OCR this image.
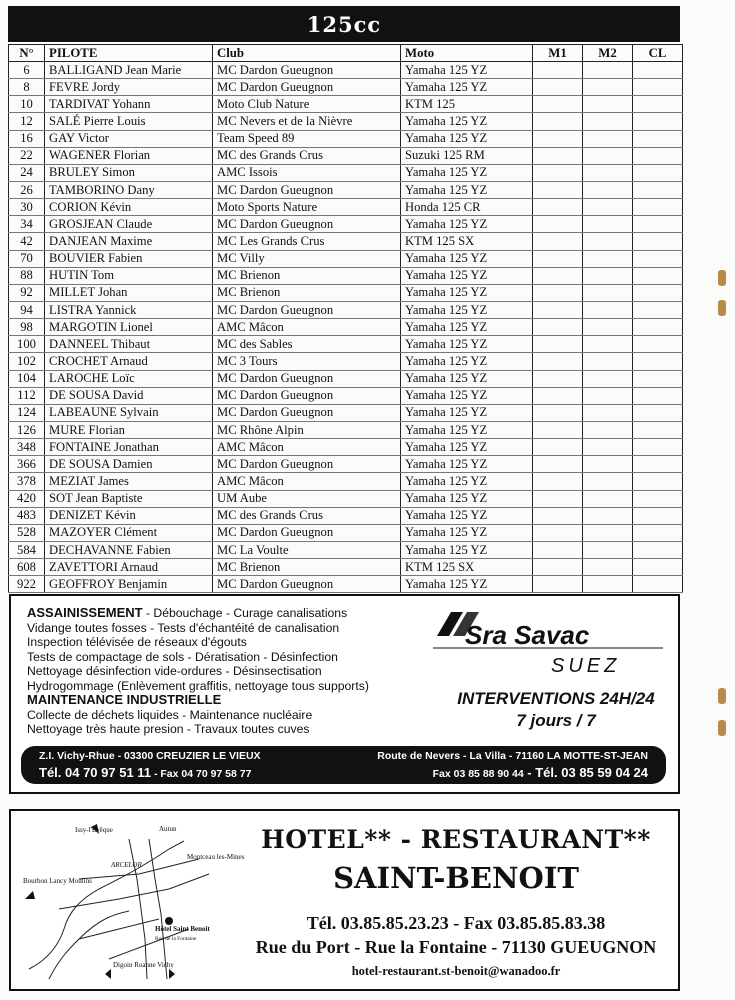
125cc
N°	PILOTE	Club	Moto	M1	M2	CL
6	BALLIGAND Jean Marie	MC Dardon Gueugnon	Yamaha 125 YZ			
8	FEVRE Jordy	MC Dardon Gueugnon	Yamaha 125 YZ			
10	TARDIVAT Yohann	Moto Club Nature	KTM 125			
12	SALÉ Pierre Louis	MC Nevers et de la Nièvre	Yamaha 125 YZ			
16	GAY Victor	Team Speed 89	Yamaha 125 YZ			
22	WAGENER Florian	MC des Grands Crus	Suzuki 125 RM			
24	BRULEY Simon	AMC Issois	Yamaha 125 YZ			
26	TAMBORINO Dany	MC Dardon Gueugnon	Yamaha 125 YZ			
30	CORION Kévin	Moto Sports Nature	Honda 125 CR			
34	GROSJEAN Claude	MC Dardon Gueugnon	Yamaha 125 YZ			
42	DANJEAN Maxime	MC Les Grands Crus	KTM 125 SX			
70	BOUVIER Fabien	MC Villy	Yamaha 125 YZ			
88	HUTIN Tom	MC Brienon	Yamaha 125 YZ			
92	MILLET Johan	MC Brienon	Yamaha 125 YZ			
94	LISTRA Yannick	MC Dardon Gueugnon	Yamaha 125 YZ			
98	MARGOTIN Lionel	AMC Mâcon	Yamaha 125 YZ			
100	DANNEEL Thibaut	MC des Sables	Yamaha 125 YZ			
102	CROCHET Arnaud	MC 3 Tours	Yamaha 125 YZ			
104	LAROCHE Loïc	MC Dardon Gueugnon	Yamaha 125 YZ			
112	DE SOUSA David	MC Dardon Gueugnon	Yamaha 125 YZ			
124	LABEAUNE Sylvain	MC Dardon Gueugnon	Yamaha 125 YZ			
126	MURE Florian	MC Rhône Alpin	Yamaha 125 YZ			
348	FONTAINE Jonathan	AMC Mâcon	Yamaha 125 YZ			
366	DE SOUSA Damien	MC Dardon Gueugnon	Yamaha 125 YZ			
378	MEZIAT James	AMC Mâcon	Yamaha 125 YZ			
420	SOT Jean Baptiste	UM Aube	Yamaha 125 YZ			
483	DENIZET Kévin	MC des Grands Crus	Yamaha 125 YZ			
528	MAZOYER Clément	MC Dardon Gueugnon	Yamaha 125 YZ			
584	DECHAVANNE Fabien	MC La Voulte	Yamaha 125 YZ			
608	ZAVETTORI Arnaud	MC Brienon	KTM 125 SX			
922	GEOFFROY Benjamin	MC Dardon Gueugnon	Yamaha 125 YZ			
ASSAINISSEMENT - Débouchage - Curage canalisations
Vidange toutes fosses - Tests d'échantéité de canalisation
Inspection télévisée de réseaux d'égouts
Tests de compactage de sols - Dératisation - Désinfection
Nettoyage désinfection vide-ordures - Désinsectisation
Hydrogommage (Enlèvement graffitis, nettoyage tous supports)
MAINTENANCE INDUSTRIELLE
Collecte de déchets liquides - Maintenance nucléaire
Nettoyage très haute presion - Travaux toutes cuves
Sra Savac
SUEZ
INTERVENTIONS 24H/24
7 jours / 7
Z.I. Vichy-Rhue - 03300 CREUZIER LE VIEUX
Tél. 04 70 97 51 11 - Fax 04 70 97 58 77
Route de Nevers - La Villa - 71160 LA MOTTE-ST-JEAN
Fax 03 85 88 90 44 - Tél. 03 85 59 04 24
Issy-l'Evêque	Autun
Montceau les-Mines
Bourbon Lancy Moulins
ARCELOR
Hôtel Saint Benoit
Rue de la Fontaine
Digoin Roanne Vichy
HOTEL** - RESTAURANT**
SAINT-BENOIT
Tél. 03.85.85.23.23 - Fax 03.85.85.83.38
Rue du Port - Rue la Fontaine - 71130 GUEUGNON
hotel-restaurant.st-benoit@wanadoo.fr
